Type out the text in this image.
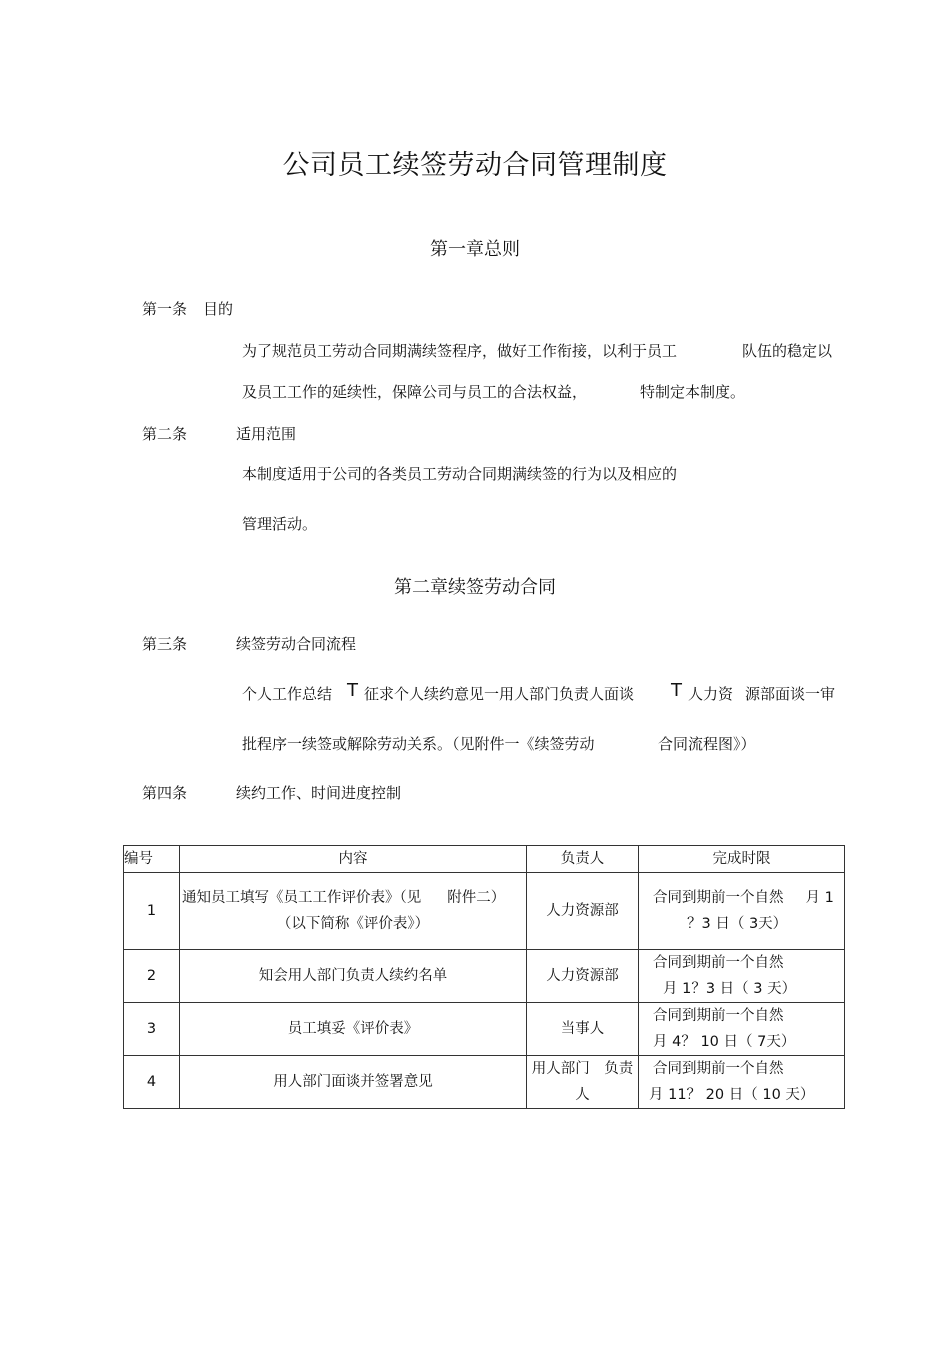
公司员工续签劳动合同管理制度
第一章总则
第一条 目的
为了规范员工劳动合同期满续签程序，做好工作衔接，以利于员工	队伍的稳定以
及员工工作的延续性，保障公司与员工的合法权益，	特制定本制度。
第二条	适用范围
本制度适用于公司的各类员工劳动合同期满续签的行为以及相应的
管理活动。
第二章续签劳动合同
第三条	续签劳动合同流程
个人工作总结 T 征求个人续约意见一用人部门负责人面谈 T 人力资 源部面谈一审
批程序一续签或解除劳动关系。（见附件一《续签劳动	合同流程图》）
第四条	续约工作、时间进度控制
编号	内容	负责人	完成时限
1	通知员工填写《员工工作评价表》（见 附件二）
（以下简称《评价表》）	人力资源部	合同到期前一个自然 月 1
？3 日（ 3天）

2	知会用人部门负责人续约名单	人力资源部	合同到期前一个自然
月 1？3 日（ 3 天）

3	员工填妥《评价表》	当事人	合同到期前一个自然
月 4？ 10 日（ 7天）

4	用人部门面谈并签署意见	用人部门　负责
人	合同到期前一个自然
月 11？ 20 日（ 10 天）
